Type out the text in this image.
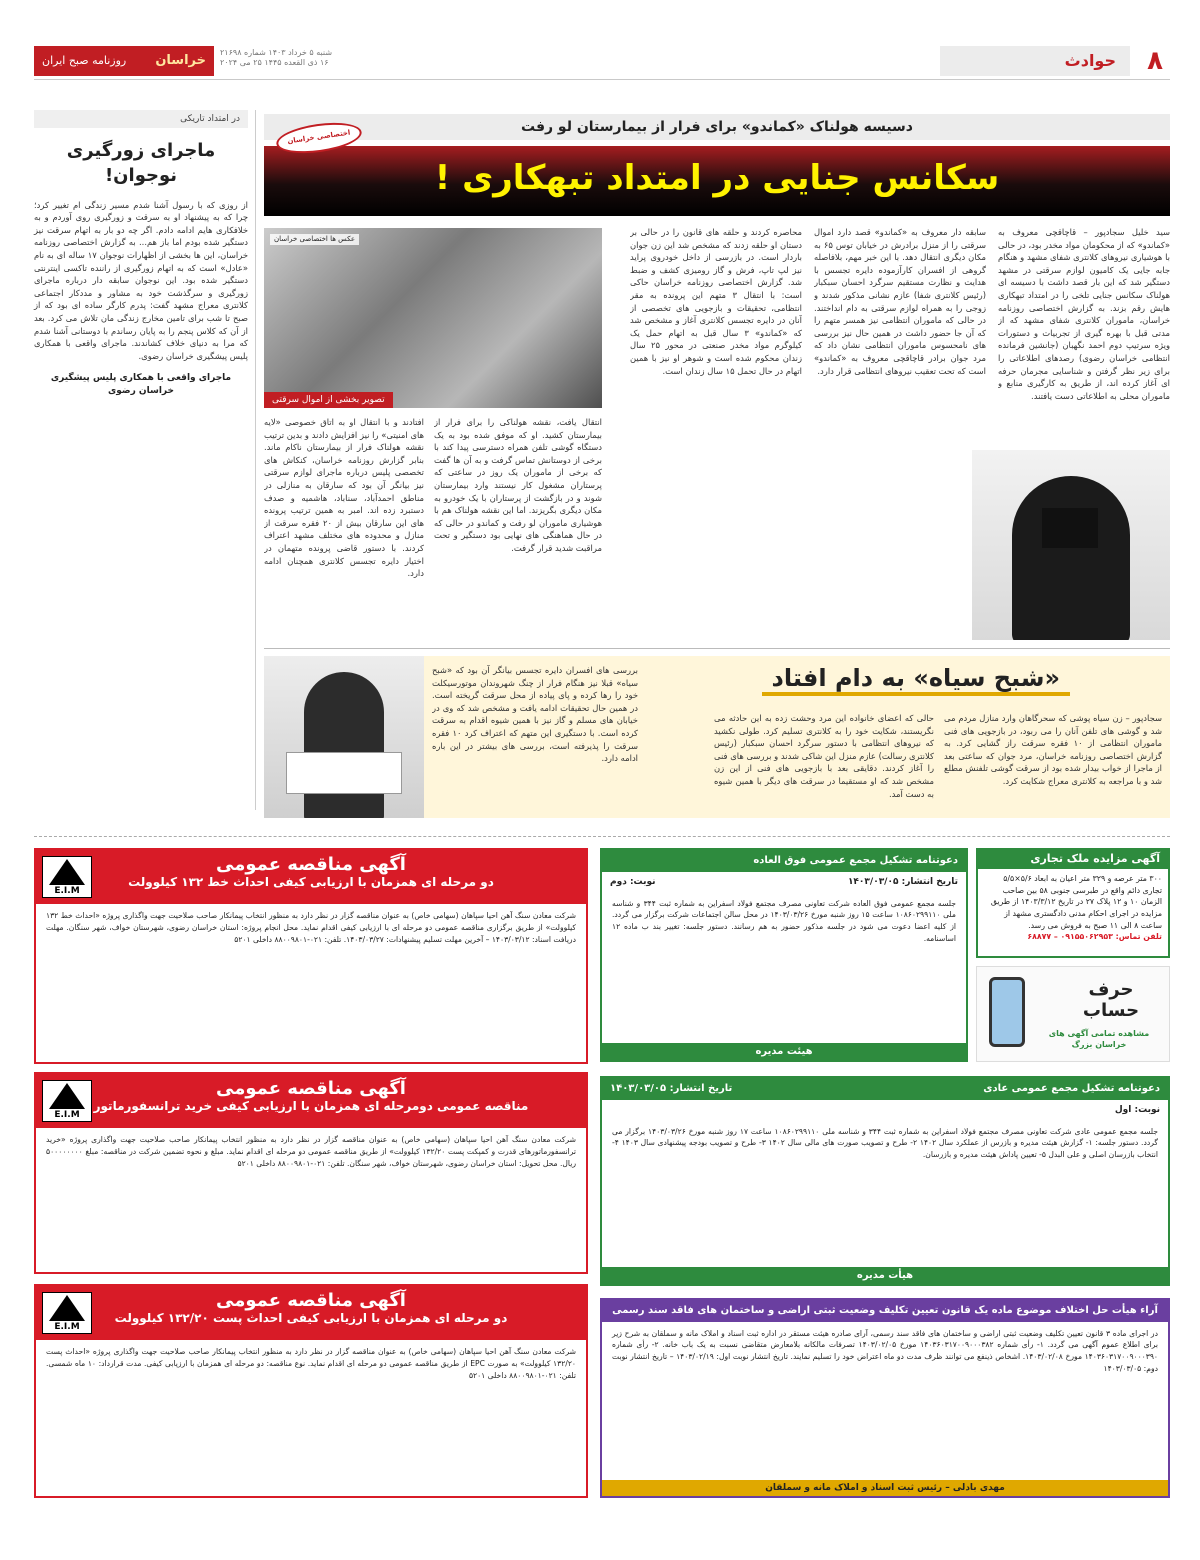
۸
حوادث
شنبه ۵ خرداد ۱۴۰۳ شماره ۲۱۶۹۸
۱۶ ذی القعده ۱۴۴۵ ۲۵ می ۲۰۲۴
خراسان
روزنامه صبح ایران
در امتداد تاریکی
ماجرای زورگیری نوجوان!
از روزی که با رسول آشنا شدم مسیر زندگی ام تغییر کرد؛ چرا که به پیشنهاد او به سرقت و زورگیری روی آوردم و به خلافکاری هایم ادامه دادم. اگر چه دو بار به اتهام سرقت نیز دستگیر شده بودم اما باز هم... به گزارش اختصاصی روزنامه خراسان، این ها بخشی از اظهارات نوجوان ۱۷ ساله ای به نام «عادل» است که به اتهام زورگیری از راننده تاکسی اینترنتی دستگیر شده بود. این نوجوان سابقه دار درباره ماجرای زورگیری و سرگذشت خود به مشاور و مددکار اجتماعی کلانتری معراج مشهد گفت: پدرم کارگر ساده ای بود که از صبح تا شب برای تامین مخارج زندگی مان تلاش می کرد. بعد از آن که کلاس پنجم را به پایان رساندم با دوستانی آشنا شدم که مرا به دنیای خلاف کشاندند. ماجرای واقعی با همکاری پلیس پیشگیری خراسان رضوی.
ماجرای واقعی با همکاری پلیس پیشگیری
خراسان رضوی
دسیسه هولناک «کماندو» برای فرار از بیمارستان لو رفت
سکانس جنایی در امتداد تبهکاری !
اختصاصی خراسان
سید خلیل سجادپور – قاچاقچی معروف به «کماندو» که از محکومان مواد مخدر بود، در حالی با هوشیاری نیروهای کلانتری شفای مشهد و هنگام جابه جایی یک کامیون لوازم سرقتی در مشهد دستگیر شد که این بار قصد داشت با دسیسه ای هولناک سکانس جنایی تلخی را در امتداد تبهکاری هایش رقم بزند. به گزارش اختصاصی روزنامه خراسان، ماموران کلانتری شفای مشهد که از مدتی قبل با بهره گیری از تجربیات و دستورات ویژه سرتیپ دوم احمد نگهبان (جانشین فرمانده انتظامی خراسان رضوی) رصدهای اطلاعاتی را برای زیر نظر گرفتن و شناسایی مجرمان حرفه ای آغاز کرده اند، از طریق به کارگیری منابع و ماموران محلی به اطلاعاتی دست یافتند.
سابقه دار معروف به «کماندو» قصد دارد اموال سرقتی را از منزل برادرش در خیابان توس ۶۵ به مکان دیگری انتقال دهد. با این خبر مهم، بلافاصله گروهی از افسران کارآزموده دایره تجسس با هدایت و نظارت مستقیم سرگرد احسان سبکبار (رئیس کلانتری شفا) عازم نشانی مذکور شدند و زوجی را به همراه لوازم سرقتی به دام انداختند. در حالی که ماموران انتظامی نیز همسر متهم را که آن جا حضور داشت در همین حال نیز بررسی های نامحسوس ماموران انتظامی نشان داد که مرد جوان برادر قاچاقچی معروف به «کماندو» است که تحت تعقیب نیروهای انتظامی قرار دارد.
محاصره کردند و حلقه های قانون را در حالی بر دستان او حلقه زدند که مشخص شد این زن جوان باردار است. در بازرسی از داخل خودروی پراید نیز لپ تاپ، فرش و گاز رومیزی کشف و ضبط شد. گزارش اختصاصی روزنامه خراسان حاکی است: با انتقال ۳ متهم این پرونده به مقر انتظامی، تحقیقات و بازجویی های تخصصی از آنان در دایره تجسس کلانتری آغاز و مشخص شد که «کماندو» ۳ سال قبل به اتهام حمل یک کیلوگرم مواد مخدر صنعتی در محور ۲۵ سال زندان محکوم شده است و شوهر او نیز با همین اتهام در حال تحمل ۱۵ سال زندان است.
انتقال یافت، نقشه هولناکی را برای فرار از بیمارستان کشید. او که موفق شده بود به یک دستگاه گوشی تلفن همراه دسترسی پیدا کند با برخی از دوستانش تماس گرفت و به آن ها گفت که برخی از ماموران یک روز در ساعتی که پرستاران مشغول کار نیستند وارد بیمارستان شوند و در بازگشت از پرستاران با یک خودرو به مکان دیگری بگریزند. اما این نقشه هولناک هم با هوشیاری ماموران لو رفت و کماندو در حالی که در حال هماهنگی های نهایی بود دستگیر و تحت مراقبت شدید قرار گرفت.
افتادند و با انتقال او به اتاق خصوصی «لایه های امنیتی» را نیز افزایش دادند و بدین ترتیب نقشه هولناک فرار از بیمارستان ناکام ماند. بنابر گزارش روزنامه خراسان، کنکاش های تخصصی پلیس درباره ماجرای لوازم سرقتی نیز بیانگر آن بود که سارقان به منازلی در مناطق احمدآباد، سناباد، هاشمیه و صدف دستبرد زده اند. امبر به همین ترتیب پرونده های این سارقان بیش از ۲۰ فقره سرقت از منازل و محدوده های مختلف مشهد اعتراف کردند. با دستور قاضی پرونده متهمان در اختیار دایره تجسس کلانتری همچنان ادامه دارد.
عکس ها اختصاصی خراسان
تصویر بخشی از اموال سرقتی
«شبح سیاه» به دام افتاد
سجادپور – زن سیاه پوشی که سحرگاهان وارد منازل مردم می شد و گوشی های تلفن آنان را می ربود، در بازجویی های فنی ماموران انتظامی از ۱۰ فقره سرقت راز گشایی کرد. به گزارش اختصاصی روزنامه خراسان، مرد جوان که ساعتی بعد از ماجرا از خواب بیدار شده بود از سرقت گوشی تلفنش مطلع شد و با مراجعه به کلانتری معراج شکایت کرد.
حالی که اعضای خانواده این مرد وحشت زده به این حادثه می نگریستند، شکایت خود را به کلانتری تسلیم کرد. طولی نکشید که نیروهای انتظامی با دستور سرگرد احسان سبکبار (رئیس کلانتری رسالت) عازم منزل این شاکی شدند و بررسی های فنی را آغاز کردند. دقایقی بعد با بازجویی های فنی از این زن مشخص شد که او مستقیما در سرقت های دیگر با همین شیوه به دست آمد.
بررسی های افسران دایره تجسس بیانگر آن بود که «شبح سیاه» قبلا نیز هنگام فرار از چنگ شهروندان موتورسیکلت خود را رها کرده و پای پیاده از محل سرقت گریخته است. در همین حال تحقیقات ادامه یافت و مشخص شد که وی در خیابان های مسلم و گاز نیز با همین شیوه اقدام به سرقت کرده است. با دستگیری این متهم که اعتراف کرد ۱۰ فقره سرقت را پذیرفته است، بررسی های بیشتر در این باره ادامه دارد.
E.I.M
آگهی مناقصه عمومی
دو مرحله ای همزمان با ارزیابی کیفی احداث خط ۱۳۲ کیلوولت
شرکت معادن سنگ آهن احیا سپاهان (سهامی خاص) به عنوان مناقصه گزار در نظر دارد به منظور انتخاب پیمانکار صاحب صلاحیت جهت واگذاری پروژه «احداث خط ۱۳۲ کیلوولت» از طریق برگزاری مناقصه عمومی دو مرحله ای با ارزیابی کیفی اقدام نماید. محل انجام پروژه: استان خراسان رضوی، شهرستان خواف، شهر سنگان. مهلت دریافت اسناد: ۱۴۰۳/۰۳/۱۲ – آخرین مهلت تسلیم پیشنهادات: ۱۴۰۳/۰۳/۲۷. تلفن: ۰۲۱-۸۸۰۰۹۸۰۱ داخلی ۵۲۰۱
E.I.M
آگهی مناقصه عمومی
مناقصه عمومی دومرحله ای همزمان با ارزیابی کیفی خرید ترانسفورماتور
شرکت معادن سنگ آهن احیا سپاهان (سهامی خاص) به عنوان مناقصه گزار در نظر دارد به منظور انتخاب پیمانکار صاحب صلاحیت جهت واگذاری پروژه «خرید ترانسفورماتورهای قدرت و کمپکت پست ۱۳۲/۲۰ کیلوولت» از طریق مناقصه عمومی دو مرحله ای اقدام نماید. مبلغ و نحوه تضمین شرکت در مناقصه: مبلغ ۵۰۰۰۰۰۰۰۰ ریال. محل تحویل: استان خراسان رضوی، شهرستان خواف، شهر سنگان. تلفن: ۰۲۱-۸۸۰۰۹۸۰۱ داخلی ۵۲۰۱
E.I.M
آگهی مناقصه عمومی
دو مرحله ای همزمان با ارزیابی کیفی احداث پست ۱۳۲/۲۰ کیلوولت
شرکت معادن سنگ آهن احیا سپاهان (سهامی خاص) به عنوان مناقصه گزار در نظر دارد به منظور انتخاب پیمانکار صاحب صلاحیت جهت واگذاری پروژه «احداث پست ۱۳۲/۲۰ کیلوولت» به صورت EPC از طریق مناقصه عمومی دو مرحله ای اقدام نماید. نوع مناقصه: دو مرحله ای همزمان با ارزیابی کیفی. مدت قرارداد: ۱۰ ماه شمسی. تلفن: ۰۲۱-۸۸۰۰۹۸۰۱ داخلی ۵۲۰۱
دعوتنامه تشکیل مجمع عمومی فوق العاده
تاریخ انتشار: ۱۴۰۳/۰۳/۰۵
نوبت: دوم
جلسه مجمع عمومی فوق العاده شرکت تعاونی مصرف مجتمع فولاد اسفراین به شماره ثبت ۳۴۴ و شناسه ملی ۱۰۸۶۰۲۹۹۱۱۰ ساعت ۱۵ روز شنبه مورخ ۱۴۰۳/۰۳/۲۶ در محل سالن اجتماعات شرکت برگزار می گردد. از کلیه اعضا دعوت می شود در جلسه مذکور حضور به هم رسانند. دستور جلسه: تغییر بند ب ماده ۱۲ اساسنامه.
هیئت مدیره
دعوتنامه تشکیل مجمع عمومی عادی
تاریخ انتشار: ۱۴۰۳/۰۳/۰۵
نوبت: اول
جلسه مجمع عمومی عادی شرکت تعاونی مصرف مجتمع فولاد اسفراین به شماره ثبت ۳۴۴ و شناسه ملی ۱۰۸۶۰۲۹۹۱۱۰ ساعت ۱۷ روز شنبه مورخ ۱۴۰۳/۰۳/۲۶ برگزار می گردد. دستور جلسه: ۱- گزارش هیئت مدیره و بازرس از عملکرد سال ۱۴۰۲ ۲- طرح و تصویب صورت های مالی سال ۱۴۰۲ ۳- طرح و تصویب بودجه پیشنهادی سال ۱۴۰۳ ۴- انتخاب بازرسان اصلی و علی البدل ۵- تعیین پاداش هیئت مدیره و بازرسان.
هیأت مدیره
آگهی مزایده ملک تجاری
۳۰۰ متر عرصه و ۳۲۹ متر اعیان به ابعاد ۵/۶×۵/۵ تجاری دائم واقع در طبرسی جنوبی ۵۸ بین صاحب الزمان ۱۰ و ۱۲ پلاک ۲۷ در تاریخ ۱۴۰۳/۳/۱۲ از طریق مزایده در اجرای احکام مدنی دادگستری مشهد از ساعت ۸ الی ۱۱ صبح به فروش می رسد.
تلفن تماس: ۰۹۱۵۵۰۶۲۹۵۳ – ۶۸۸۷۷
حرف حساب
مشاهده تمامی آگهی های خراسان بزرگ
آراء هیأت حل اختلاف موضوع ماده یک قانون تعیین تکلیف وضعیت ثبتی اراضی و ساختمان های فاقد سند رسمی
در اجرای ماده ۳ قانون تعیین تکلیف وضعیت ثبتی اراضی و ساختمان های فاقد سند رسمی، آرای صادره هیئت مستقر در اداره ثبت اسناد و املاک مانه و سملقان به شرح زیر برای اطلاع عموم آگهی می گردد. ۱- رأی شماره ۱۴۰۳۶۰۳۱۷۰۰۹۰۰۰۳۸۲ مورخ ۱۴۰۳/۰۲/۰۵ تصرفات مالکانه بلامعارض متقاضی نسبت به یک باب خانه. ۲- رأی شماره ۱۴۰۳۶۰۳۱۷۰۰۹۰۰۰۳۹۰ مورخ ۱۴۰۳/۰۲/۰۸. اشخاص ذینفع می توانند ظرف مدت دو ماه اعتراض خود را تسلیم نمایند. تاریخ انتشار نوبت اول: ۱۴۰۳/۰۲/۱۹ – تاریخ انتشار نوبت دوم: ۱۴۰۳/۰۳/۰۵
مهدی بادلی – رئیس ثبت اسناد و املاک مانه و سملقان
